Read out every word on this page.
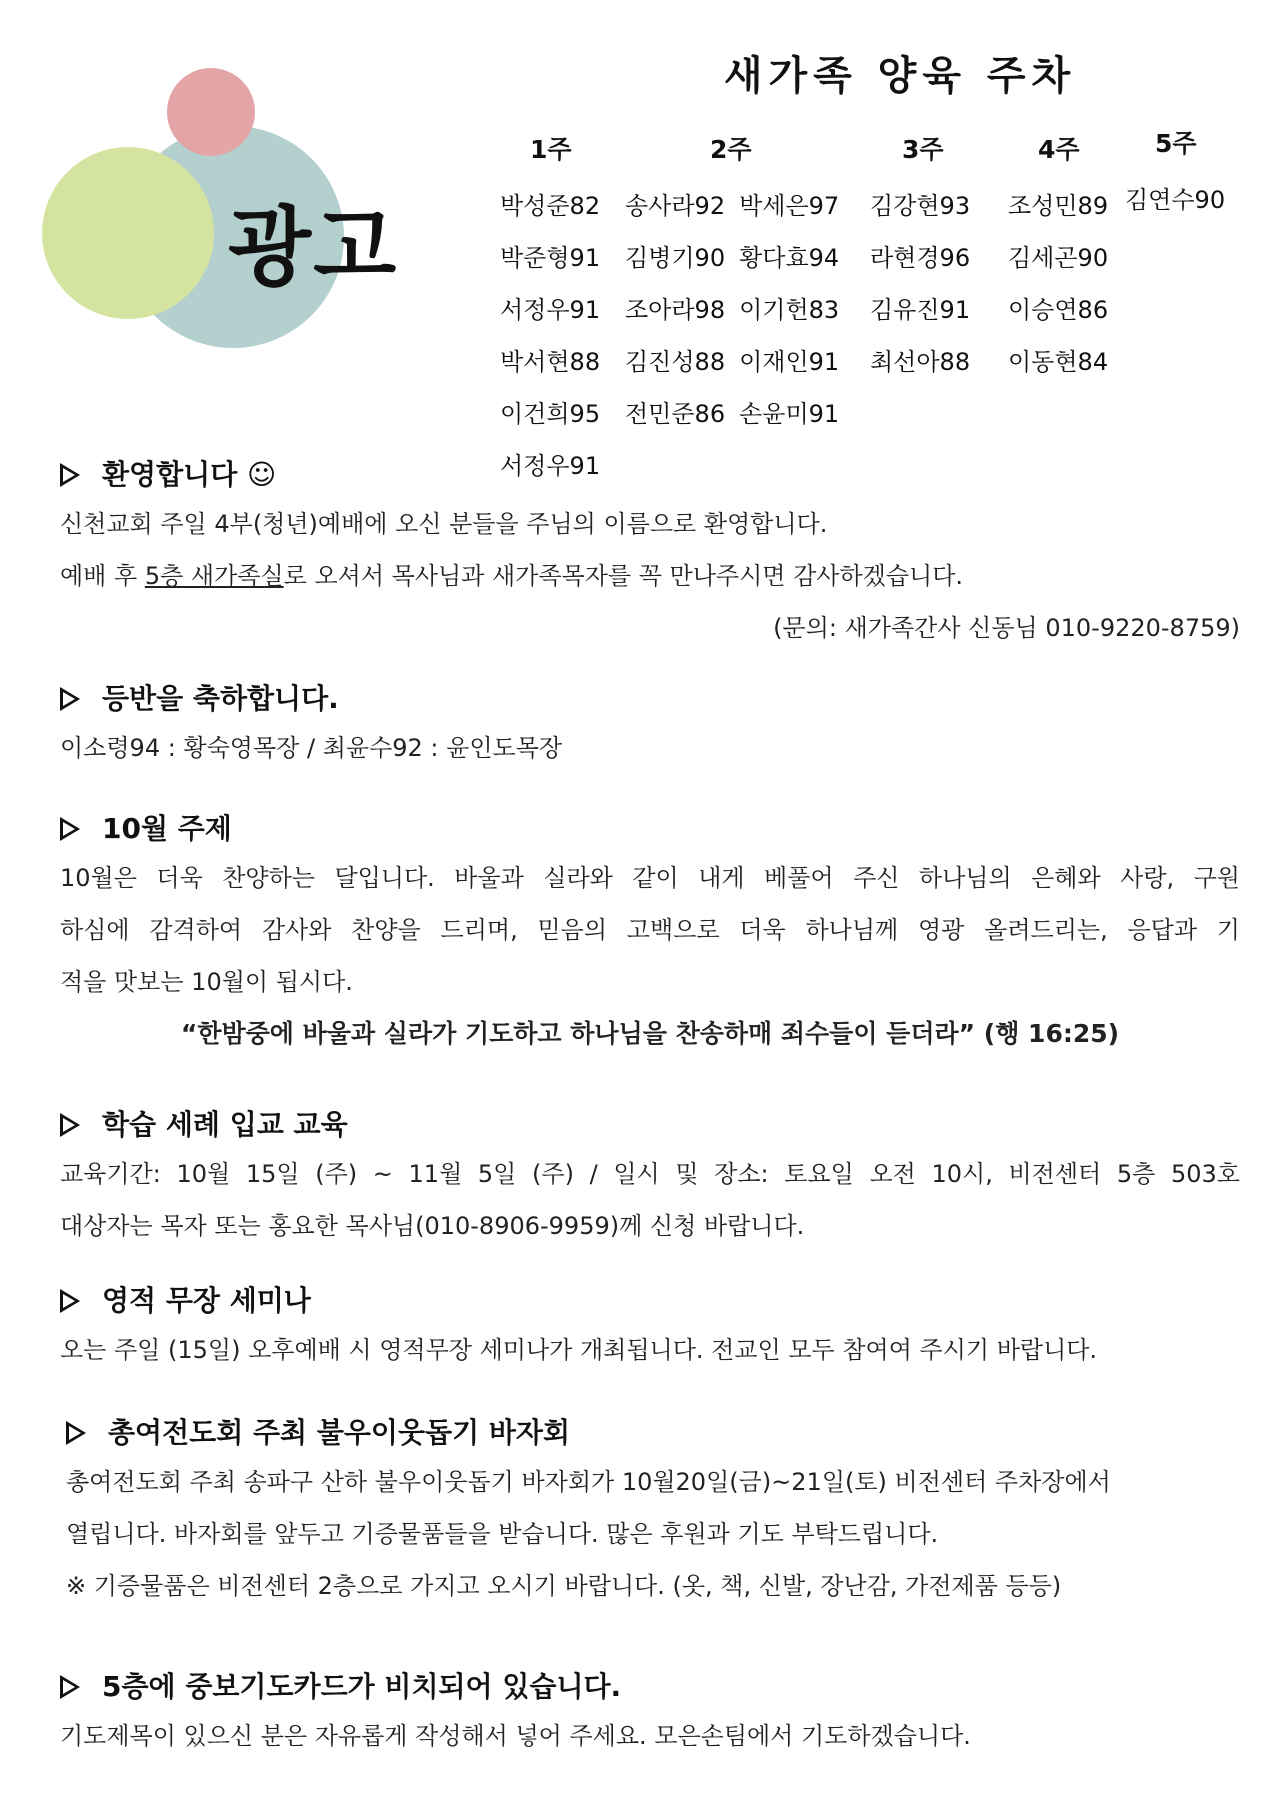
광고
새가족 양육 주차
1주
박성준82
박준형91
서정우91
박서현88
이건희95
서정우91
2주
송사라92 박세은97
김병기90 황다효94
조아라98 이기헌83
김진성88 이재인91
전민준86 손윤미91
3주
김강현93
라현경96
김유진91
최선아88
4주
조성민89
김세곤90
이승연86
이동현84
5주
김연수90
환영합니다 ☺
신천교회 주일 4부(청년)예배에 오신 분들을 주님의 이름으로 환영합니다.
예배 후 5층 새가족실로 오셔서 목사님과 새가족목자를 꼭 만나주시면 감사하겠습니다.
(문의: 새가족간사 신동님 010-9220-8759)
등반을 축하합니다.
이소령94 : 황숙영목장 / 최윤수92 : 윤인도목장
10월 주제
10월은 더욱 찬양하는 달입니다. 바울과 실라와 같이 내게 베풀어 주신 하나님의 은혜와 사랑, 구원
하심에 감격하여 감사와 찬양을 드리며, 믿음의 고백으로 더욱 하나님께 영광 올려드리는, 응답과 기
적을 맛보는 10월이 됩시다.
“한밤중에 바울과 실라가 기도하고 하나님을 찬송하매 죄수들이 듣더라” (행 16:25)
학습 세례 입교 교육
교육기간: 10월 15일 (주) ~ 11월 5일 (주) / 일시 및 장소: 토요일 오전 10시, 비전센터 5층 503호
대상자는 목자 또는 홍요한 목사님(010-8906-9959)께 신청 바랍니다.
영적 무장 세미나
오는 주일 (15일) 오후예배 시 영적무장 세미나가 개최됩니다. 전교인 모두 참여여 주시기 바랍니다.
총여전도회 주최 불우이웃돕기 바자회
총여전도회 주최 송파구 산하 불우이웃돕기 바자회가 10월20일(금)~21일(토) 비전센터 주차장에서
열립니다. 바자회를 앞두고 기증물품들을 받습니다. 많은 후원과 기도 부탁드립니다.
※ 기증물품은 비전센터 2층으로 가지고 오시기 바랍니다. (옷, 책, 신발, 장난감, 가전제품 등등)
5층에 중보기도카드가 비치되어 있습니다.
기도제목이 있으신 분은 자유롭게 작성해서 넣어 주세요. 모은손팀에서 기도하겠습니다.
